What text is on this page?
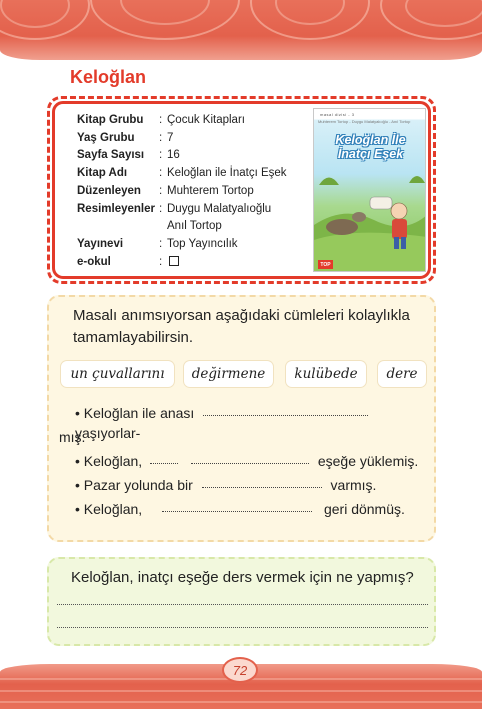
Keloğlan
Kitap Grubu	: Çocuk Kitapları
Yaş Grubu	: 7
Sayfa Sayısı	: 16
Kitap Adı	: Keloğlan ile İnatçı Eşek
Düzenleyen	: Muhterem Tortop
Resimleyenler : Duygu Malatyalıoğlu
Anıl Tortop
Yayınevi	: Top Yayıncılık
e-okul	:
masal dizisi - 3
Muhterem Tortop - Duygu Malatyalıoğlu - Anıl Tortop
Keloğlan İle
İnatçı Eşek
TOP
Masalı anımsıyorsan aşağıdaki cümleleri kolaylıkla tamamlayabilirsin.
un çuvallarını	değirmene	kulübede	dere
• Keloğlan ile anası  yaşıyorlar-
mış.
• Keloğlan,	eşeğe yüklemiş.
• Pazar yolunda bir	varmış.
• Keloğlan,	geri dönmüş.
Keloğlan, inatçı eşeğe ders vermek için ne yapmış?
72
